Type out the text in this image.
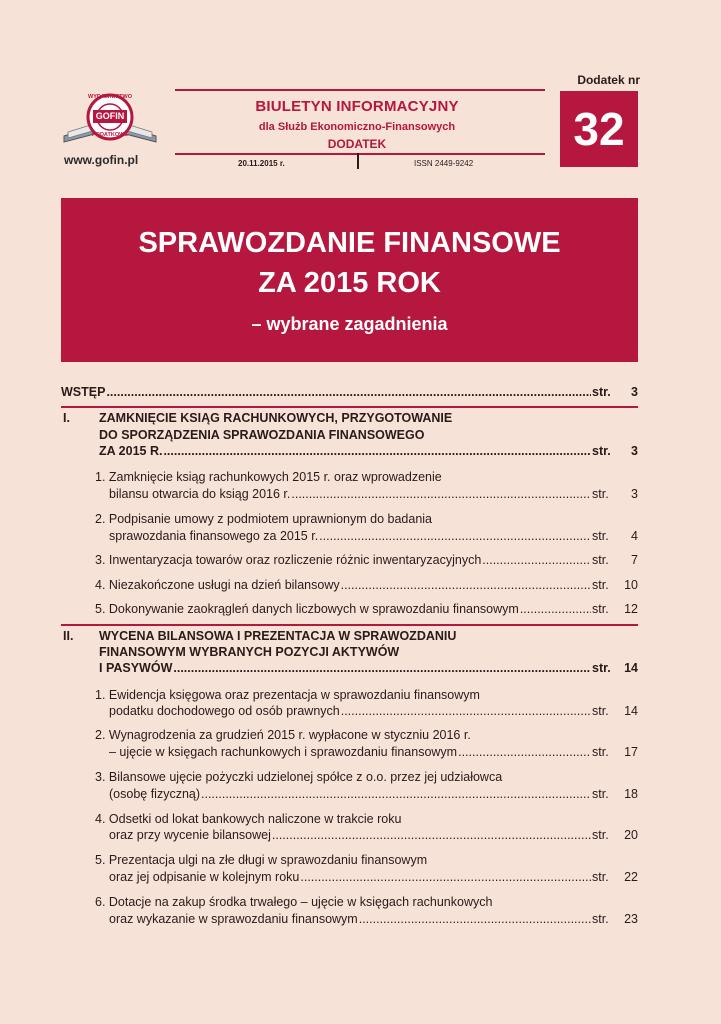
GOFIN
WYDAWNICTWO
PODATKOWE
www.gofin.pl
BIULETYN INFORMACYJNY
dla Służb Ekonomiczno-Finansowych
DODATEK
20.11.2015 r.	ISSN 2449-9242
Dodatek nr
32
SPRAWOZDANIE FINANSOWE
ZA 2015 ROK
– wybrane zagadnienia
WSTĘP .....	str. 3
I. ZAMKNIĘCIE KSIĄG RACHUNKOWYCH, PRZYGOTOWANIE
DO SPORZĄDZENIA SPRAWOZDANIA FINANSOWEGO
ZA 2015 R. .....	str. 3
1. Zamknięcie ksiąg rachunkowych 2015 r. oraz wprowadzenie
bilansu otwarcia do ksiąg 2016 r. .....	str. 3
2. Podpisanie umowy z podmiotem uprawnionym do badania
sprawozdania finansowego za 2015 r. .....	str. 4
3. Inwentaryzacja towarów oraz rozliczenie różnic inwentaryzacyjnych .....	str. 7
4. Niezakończone usługi na dzień bilansowy .....	str. 10
5. Dokonywanie zaokrągleń danych liczbowych w sprawozdaniu finansowym .....	str. 12
II. WYCENA BILANSOWA I PREZENTACJA W SPRAWOZDANIU
FINANSOWYM WYBRANYCH POZYCJI AKTYWÓW
I PASYWÓW .....	str. 14
1. Ewidencja księgowa oraz prezentacja w sprawozdaniu finansowym
podatku dochodowego od osób prawnych .....	str. 14
2. Wynagrodzenia za grudzień 2015 r. wypłacone w styczniu 2016 r.
– ujęcie w księgach rachunkowych i sprawozdaniu finansowym .....	str. 17
3. Bilansowe ujęcie pożyczki udzielonej spółce z o.o. przez jej udziałowca
(osobę fizyczną) .....	str. 18
4. Odsetki od lokat bankowych naliczone w trakcie roku
oraz przy wycenie bilansowej .....	str. 20
5. Prezentacja ulgi na złe długi w sprawozdaniu finansowym
oraz jej odpisanie w kolejnym roku .....	str. 22
6. Dotacje na zakup środka trwałego – ujęcie w księgach rachunkowych
oraz wykazanie w sprawozdaniu finansowym .....	str. 23
